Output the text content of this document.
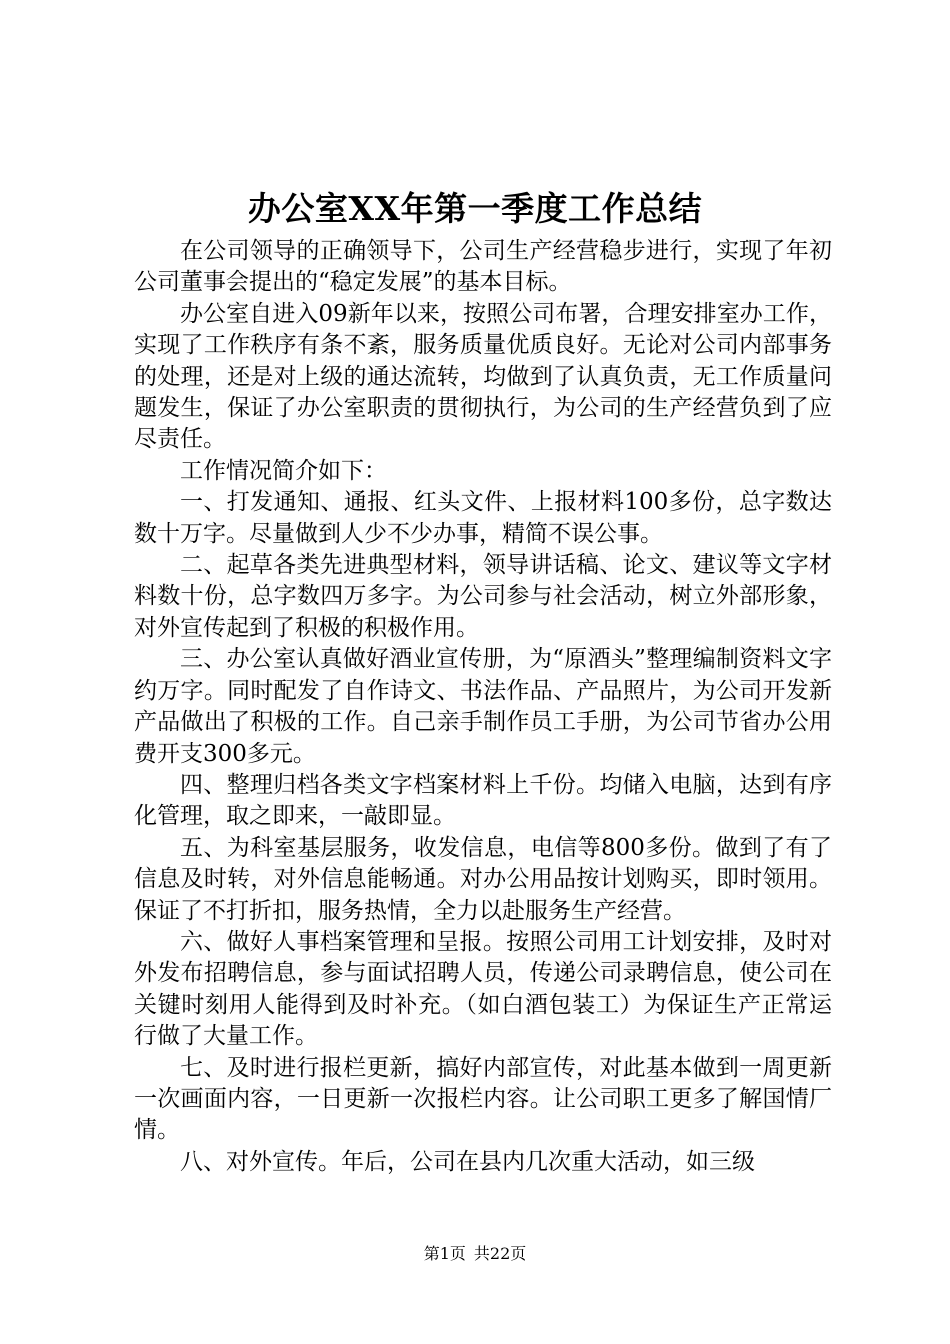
办公室XX年第一季度工作总结

在公司领导的正确领导下，公司生产经营稳步进行，实现了年初公司董事会提出的“稳定发展”的基本目标。

办公室自进入09新年以来，按照公司布署，合理安排室办工作，实现了工作秩序有条不紊，服务质量优质良好。无论对公司内部事务的处理，还是对上级的通达流转，均做到了认真负责，无工作质量问题发生，保证了办公室职责的贯彻执行，为公司的生产经营负到了应尽责任。

工作情况简介如下：

一、打发通知、通报、红头文件、上报材料100多份，总字数达数十万字。尽量做到人少不少办事，精简不误公事。

二、起草各类先进典型材料，领导讲话稿、论文、建议等文字材料数十份，总字数四万多字。为公司参与社会活动，树立外部形象，对外宣传起到了积极的积极作用。

三、办公室认真做好酒业宣传册，为“原酒头”整理编制资料文字约万字。同时配发了自作诗文、书法作品、产品照片，为公司开发新产品做出了积极的工作。自己亲手制作员工手册，为公司节省办公用费开支300多元。

四、整理归档各类文字档案材料上千份。均储入电脑，达到有序化管理，取之即来，一敲即显。

五、为科室基层服务，收发信息，电信等800多份。做到了有了信息及时转，对外信息能畅通。对办公用品按计划购买，即时领用。保证了不打折扣，服务热情，全力以赴服务生产经营。

六、做好人事档案管理和呈报。按照公司用工计划安排，及时对外发布招聘信息，参与面试招聘人员，传递公司录聘信息，使公司在关键时刻用人能得到及时补充。（如白酒包装工）为保证生产正常运行做了大量工作。

七、及时进行报栏更新，搞好内部宣传，对此基本做到一周更新一次画面内容，一日更新一次报栏内容。让公司职工更多了解国情厂情。

八、对外宣传。年后，公司在县内几次重大活动，如三级

第1页 共22页
